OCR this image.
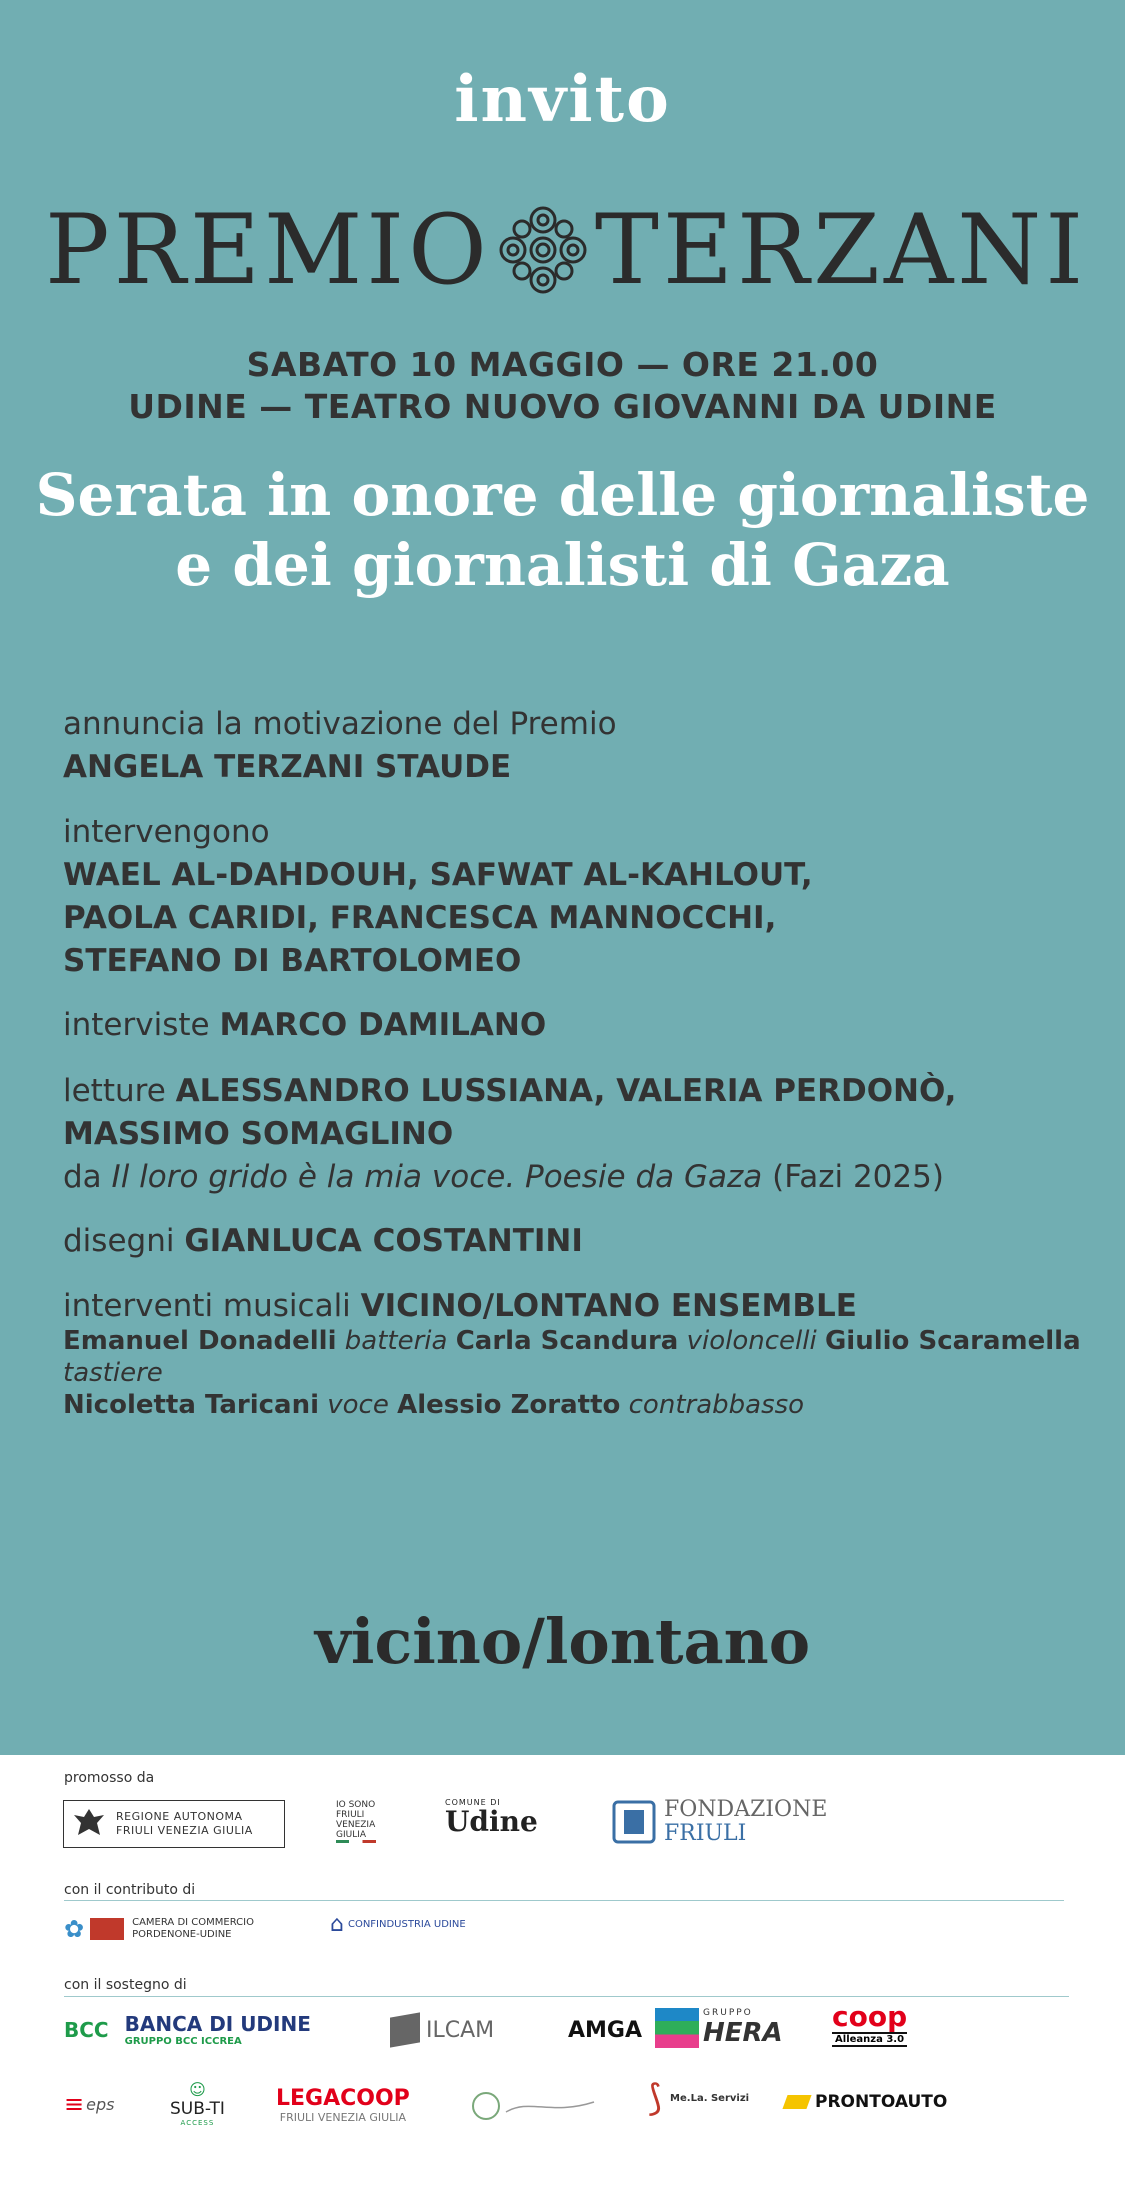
invito
PREMIO TERZANI
SABATO 10 MAGGIO — ORE 21.00
UDINE — TEATRO NUOVO GIOVANNI DA UDINE
Serata in onore delle giornaliste
e dei giornalisti di Gaza
annuncia la motivazione del Premio
ANGELA TERZANI STAUDE
intervengono
WAEL AL-DAHDOUH, SAFWAT AL-KAHLOUT,
PAOLA CARIDI, FRANCESCA MANNOCCHI,
STEFANO DI BARTOLOMEO
interviste MARCO DAMILANO
letture ALESSANDRO LUSSIANA, VALERIA PERDONÒ,
MASSIMO SOMAGLINO
da Il loro grido è la mia voce. Poesie da Gaza (Fazi 2025)
disegni GIANLUCA COSTANTINI
interventi musicali VICINO/LONTANO ENSEMBLE
Emanuel Donadelli batteria Carla Scandura violoncelli Giulio Scaramella tastiere
Nicoletta Taricani voce Alessio Zoratto contrabbasso
vicino/lontano
promosso da
REGIONE AUTONOMA
FRIULI VENEZIA GIULIA
IO SONO
FRIULI
VENEZIA
GIULIA
COMUNE DI
Udine	FONDAZIONE
FRIULI
con il contributo di
✿	CAMERA DI COMMERCIO
PORDENONE-UDINE	⌂ CONFINDUSTRIA UDINE
con il sostegno di
BCC BANCA DI UDINE
GRUPPO BCC ICCREA	ILCAM	AMGA
GRUPPO
HERA coop
Alleanza 3.0
≡ eps
☺
SUB-TI
ACCESS
LEGACOOP
FRIULI VENEZIA GIULIA	⟆ Me.La. Servizi	PRONTOAUTO
